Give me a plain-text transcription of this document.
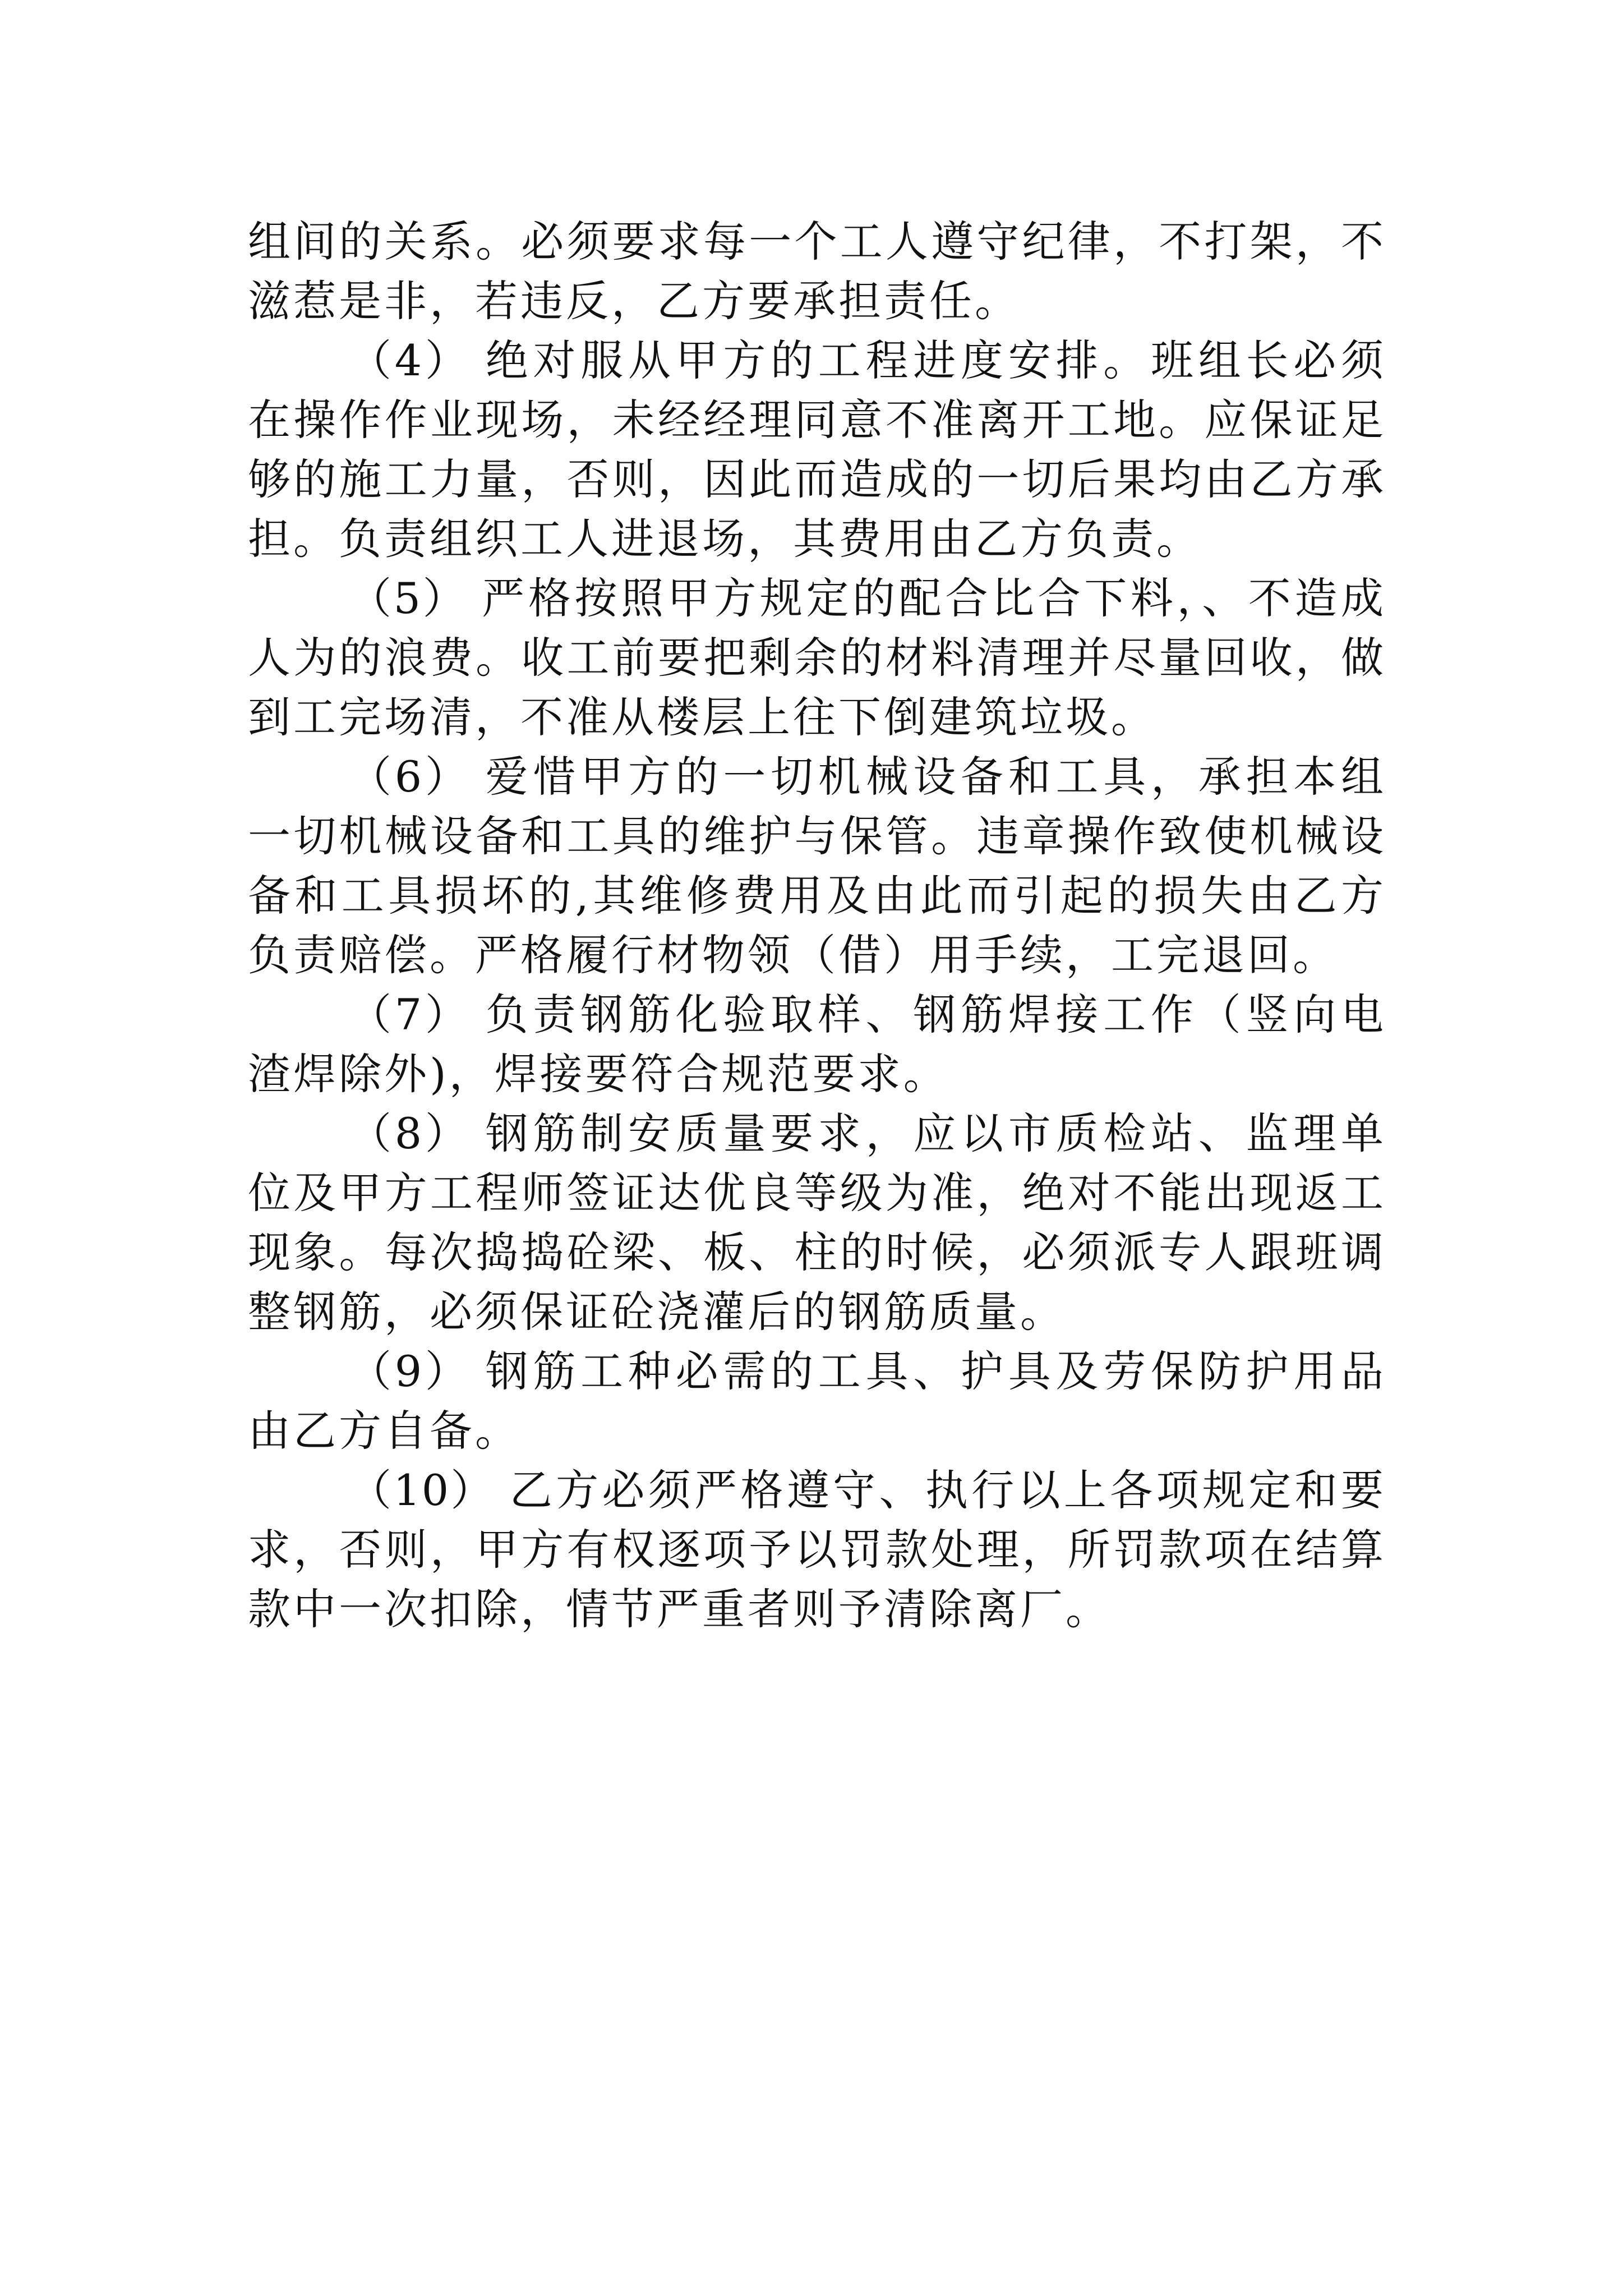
组间的关系。必须要求每一个工人遵守纪律，不打架，不滋惹是非，若违反，乙方要承担责任。

（4） 绝对服从甲方的工程进度安排。班组长必须在操作作业现场，未经经理同意不准离开工地。应保证足够的施工力量，否则，因此而造成的一切后果均由乙方承担。负责组织工人进退场，其费用由乙方负责。

（5） 严格按照甲方规定的配合比合下料，、不造成人为的浪费。收工前要把剩余的材料清理并尽量回收，做到工完场清，不准从楼层上往下倒建筑垃圾。

（6） 爱惜甲方的一切机械设备和工具，承担本组一切机械设备和工具的维护与保管。违章操作致使机械设备和工具损坏的,其维修费用及由此而引起的损失由乙方负责赔偿。严格履行材物领（借）用手续，工完退回。

（7） 负责钢筋化验取样、钢筋焊接工作（竖向电渣焊除外)，焊接要符合规范要求。

（8） 钢筋制安质量要求，应以市质检站、监理单位及甲方工程师签证达优良等级为准，绝对不能出现返工现象。每次捣捣砼梁、板、柱的时候，必须派专人跟班调整钢筋，必须保证砼浇灌后的钢筋质量。

（9） 钢筋工种必需的工具、护具及劳保防护用品由乙方自备。

（10） 乙方必须严格遵守、执行以上各项规定和要求，否则，甲方有权逐项予以罚款处理，所罚款项在结算款中一次扣除，情节严重者则予清除离厂。
